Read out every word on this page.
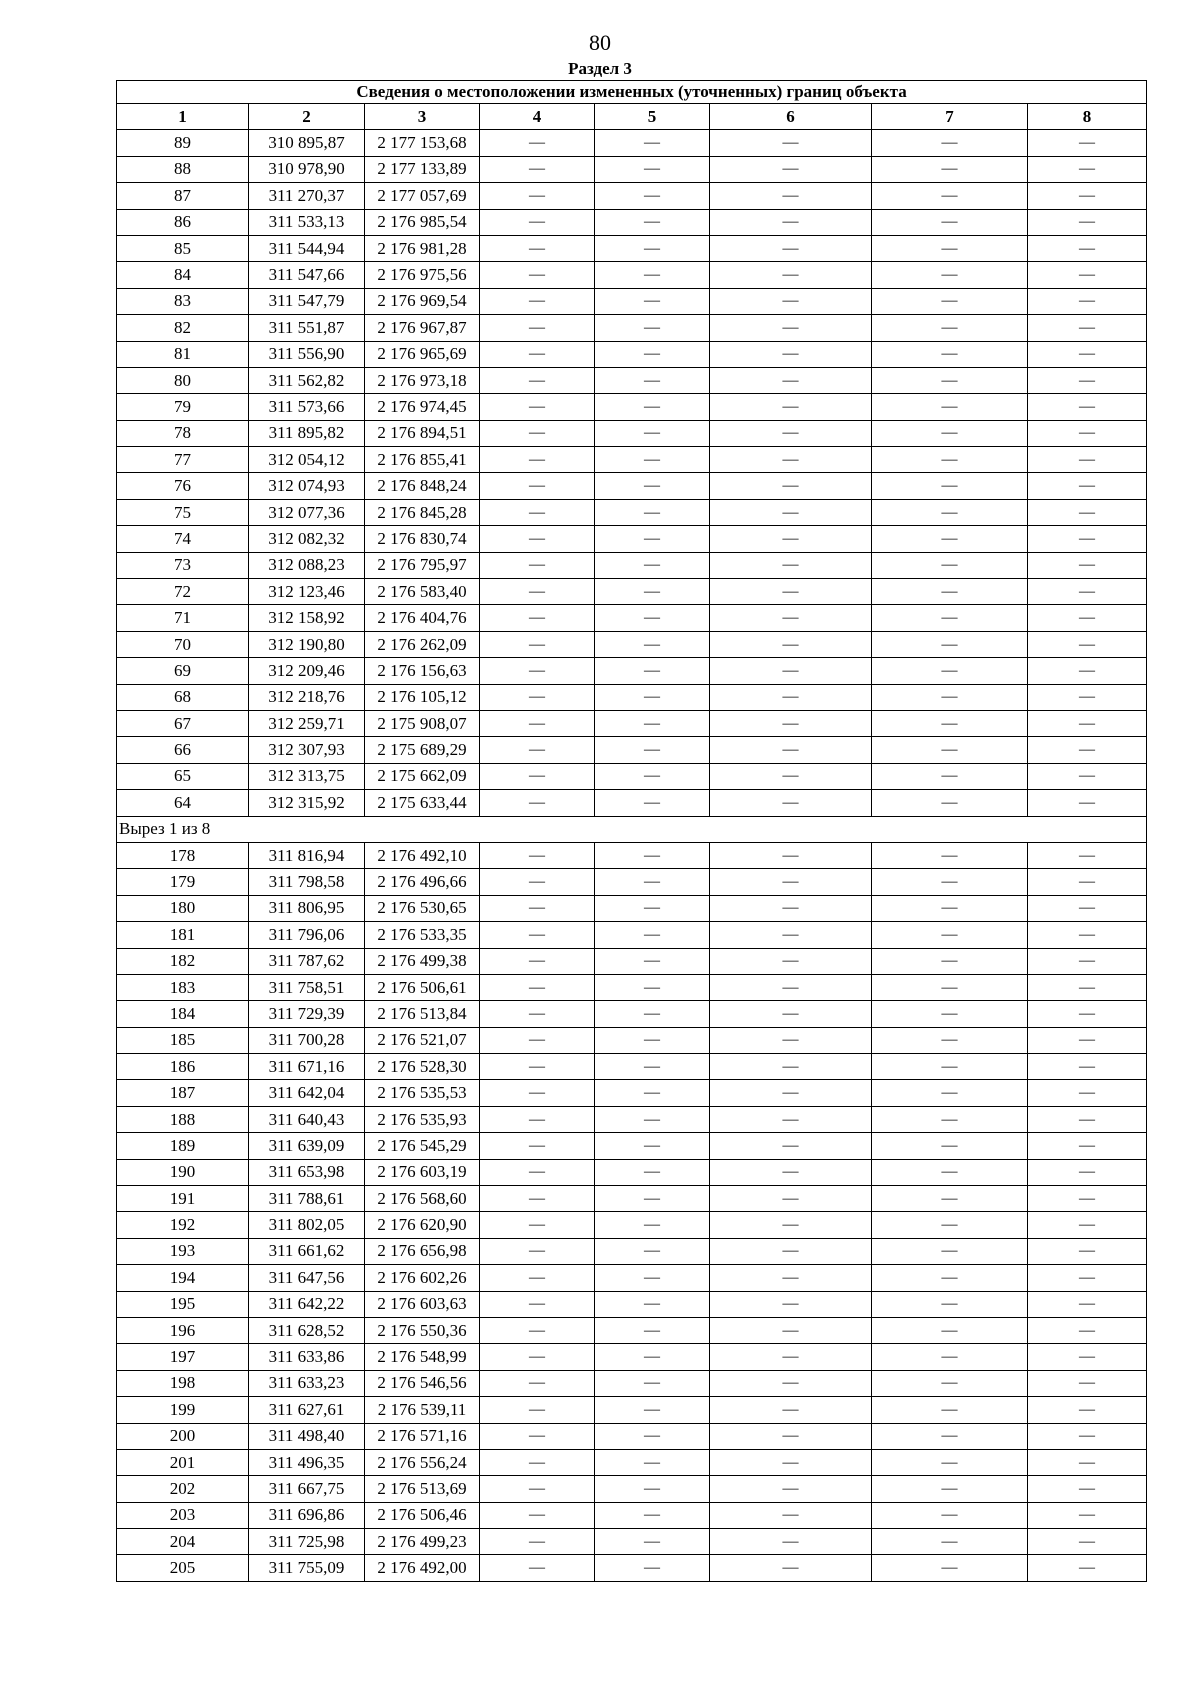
80
Раздел 3
Сведения о местоположении измененных (уточненных) границ объекта							
1	2	3	4	5	6	7	8
89	310 895,87	2 177 153,68	—	—	—	—	—
88	310 978,90	2 177 133,89	—	—	—	—	—
87	311 270,37	2 177 057,69	—	—	—	—	—
86	311 533,13	2 176 985,54	—	—	—	—	—
85	311 544,94	2 176 981,28	—	—	—	—	—
84	311 547,66	2 176 975,56	—	—	—	—	—
83	311 547,79	2 176 969,54	—	—	—	—	—
82	311 551,87	2 176 967,87	—	—	—	—	—
81	311 556,90	2 176 965,69	—	—	—	—	—
80	311 562,82	2 176 973,18	—	—	—	—	—
79	311 573,66	2 176 974,45	—	—	—	—	—
78	311 895,82	2 176 894,51	—	—	—	—	—
77	312 054,12	2 176 855,41	—	—	—	—	—
76	312 074,93	2 176 848,24	—	—	—	—	—
75	312 077,36	2 176 845,28	—	—	—	—	—
74	312 082,32	2 176 830,74	—	—	—	—	—
73	312 088,23	2 176 795,97	—	—	—	—	—
72	312 123,46	2 176 583,40	—	—	—	—	—
71	312 158,92	2 176 404,76	—	—	—	—	—
70	312 190,80	2 176 262,09	—	—	—	—	—
69	312 209,46	2 176 156,63	—	—	—	—	—
68	312 218,76	2 176 105,12	—	—	—	—	—
67	312 259,71	2 175 908,07	—	—	—	—	—
66	312 307,93	2 175 689,29	—	—	—	—	—
65	312 313,75	2 175 662,09	—	—	—	—	—
64	312 315,92	2 175 633,44	—	—	—	—	—
Вырез 1 из 8							
178	311 816,94	2 176 492,10	—	—	—	—	—
179	311 798,58	2 176 496,66	—	—	—	—	—
180	311 806,95	2 176 530,65	—	—	—	—	—
181	311 796,06	2 176 533,35	—	—	—	—	—
182	311 787,62	2 176 499,38	—	—	—	—	—
183	311 758,51	2 176 506,61	—	—	—	—	—
184	311 729,39	2 176 513,84	—	—	—	—	—
185	311 700,28	2 176 521,07	—	—	—	—	—
186	311 671,16	2 176 528,30	—	—	—	—	—
187	311 642,04	2 176 535,53	—	—	—	—	—
188	311 640,43	2 176 535,93	—	—	—	—	—
189	311 639,09	2 176 545,29	—	—	—	—	—
190	311 653,98	2 176 603,19	—	—	—	—	—
191	311 788,61	2 176 568,60	—	—	—	—	—
192	311 802,05	2 176 620,90	—	—	—	—	—
193	311 661,62	2 176 656,98	—	—	—	—	—
194	311 647,56	2 176 602,26	—	—	—	—	—
195	311 642,22	2 176 603,63	—	—	—	—	—
196	311 628,52	2 176 550,36	—	—	—	—	—
197	311 633,86	2 176 548,99	—	—	—	—	—
198	311 633,23	2 176 546,56	—	—	—	—	—
199	311 627,61	2 176 539,11	—	—	—	—	—
200	311 498,40	2 176 571,16	—	—	—	—	—
201	311 496,35	2 176 556,24	—	—	—	—	—
202	311 667,75	2 176 513,69	—	—	—	—	—
203	311 696,86	2 176 506,46	—	—	—	—	—
204	311 725,98	2 176 499,23	—	—	—	—	—
205	311 755,09	2 176 492,00	—	—	—	—	—
